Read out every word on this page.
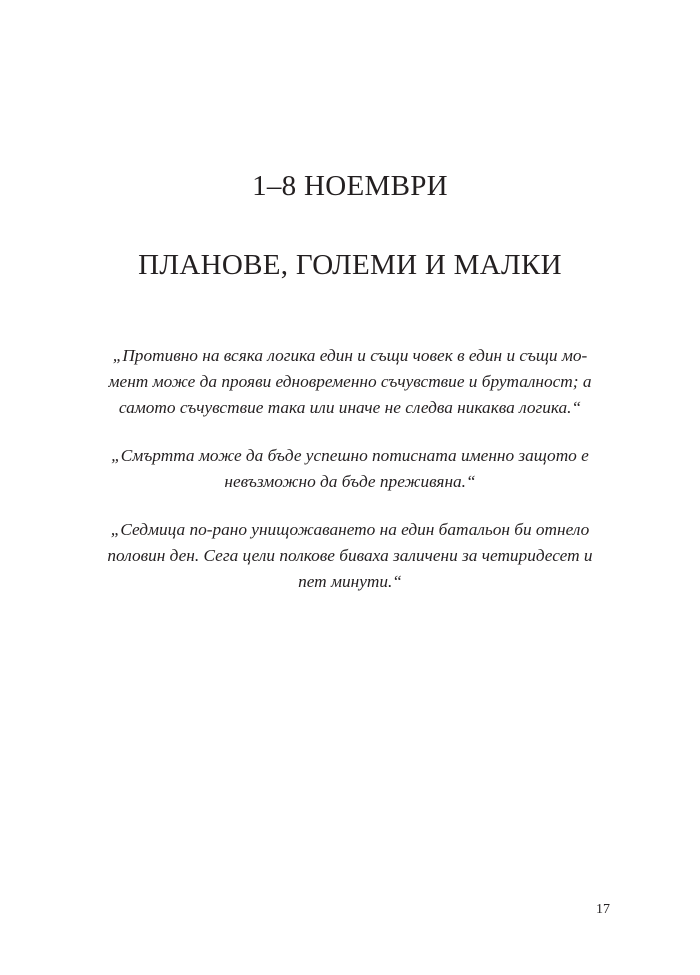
1–8 НОЕМВРИ
ПЛАНОВЕ, ГОЛЕМИ И МАЛКИ

„Противно на всяка логика един и същи човек в един и същи мо-
мент може да прояви едновременно съчувствие и бруталност; а
самото съчувствие така или иначе не следва никаква логика.“

„Смъртта може да бъде успешно потисната именно защото е
невъзможно да бъде преживяна.“

„Седмица по-рано унищожаването на един батальон би отнело
половин ден. Сега цели полкове биваха заличени за четиридесет и
пет минути.“

17
